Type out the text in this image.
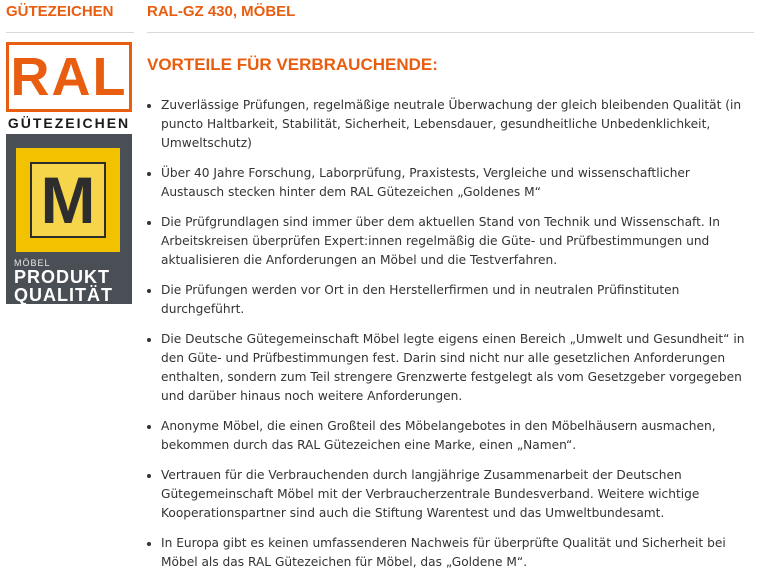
GÜTEZEICHEN
RAL
GÜTEZEICHEN
M
MÖBEL
PRODUKT
QUALITÄT
RAL-GZ 430, MÖBEL
VORTEILE FÜR VERBRAUCHENDE:
Zuverlässige Prüfungen, regelmäßige neutrale Überwachung der gleich bleibenden Qualität (in puncto Haltbarkeit, Stabilität, Sicherheit, Lebensdauer, gesundheitliche Unbedenklichkeit, Umweltschutz)
Über 40 Jahre Forschung, Laborprüfung, Praxistests, Vergleiche und wissenschaftlicher Austausch stecken hinter dem RAL Gütezeichen „Goldenes M“
Die Prüfgrundlagen sind immer über dem aktuellen Stand von Technik und Wissenschaft. In Arbeitskreisen überprüfen Expert:innen regelmäßig die Güte- und Prüfbestimmungen und aktualisieren die Anforderungen an Möbel und die Testverfahren.
Die Prüfungen werden vor Ort in den Herstellerfirmen und in neutralen Prüfinstituten durchgeführt.
Die Deutsche Gütegemeinschaft Möbel legte eigens einen Bereich „Umwelt und Gesundheit“ in den Güte- und Prüfbestimmungen fest. Darin sind nicht nur alle gesetzlichen Anforderungen enthalten, sondern zum Teil strengere Grenzwerte festgelegt als vom Gesetzgeber vorgegeben und darüber hinaus noch weitere Anforderungen.
Anonyme Möbel, die einen Großteil des Möbelangebotes in den Möbelhäusern ausmachen, bekommen durch das RAL Gütezeichen eine Marke, einen „Namen“.
Vertrauen für die Verbrauchenden durch langjährige Zusammenarbeit der Deutschen Gütegemeinschaft Möbel mit der Verbraucherzentrale Bundesverband. Weitere wichtige Kooperationspartner sind auch die Stiftung Warentest und das Umweltbundesamt.
In Europa gibt es keinen umfassenderen Nachweis für überprüfte Qualität und Sicherheit bei Möbel als das RAL Gütezeichen für Möbel, das „Goldene M“.
